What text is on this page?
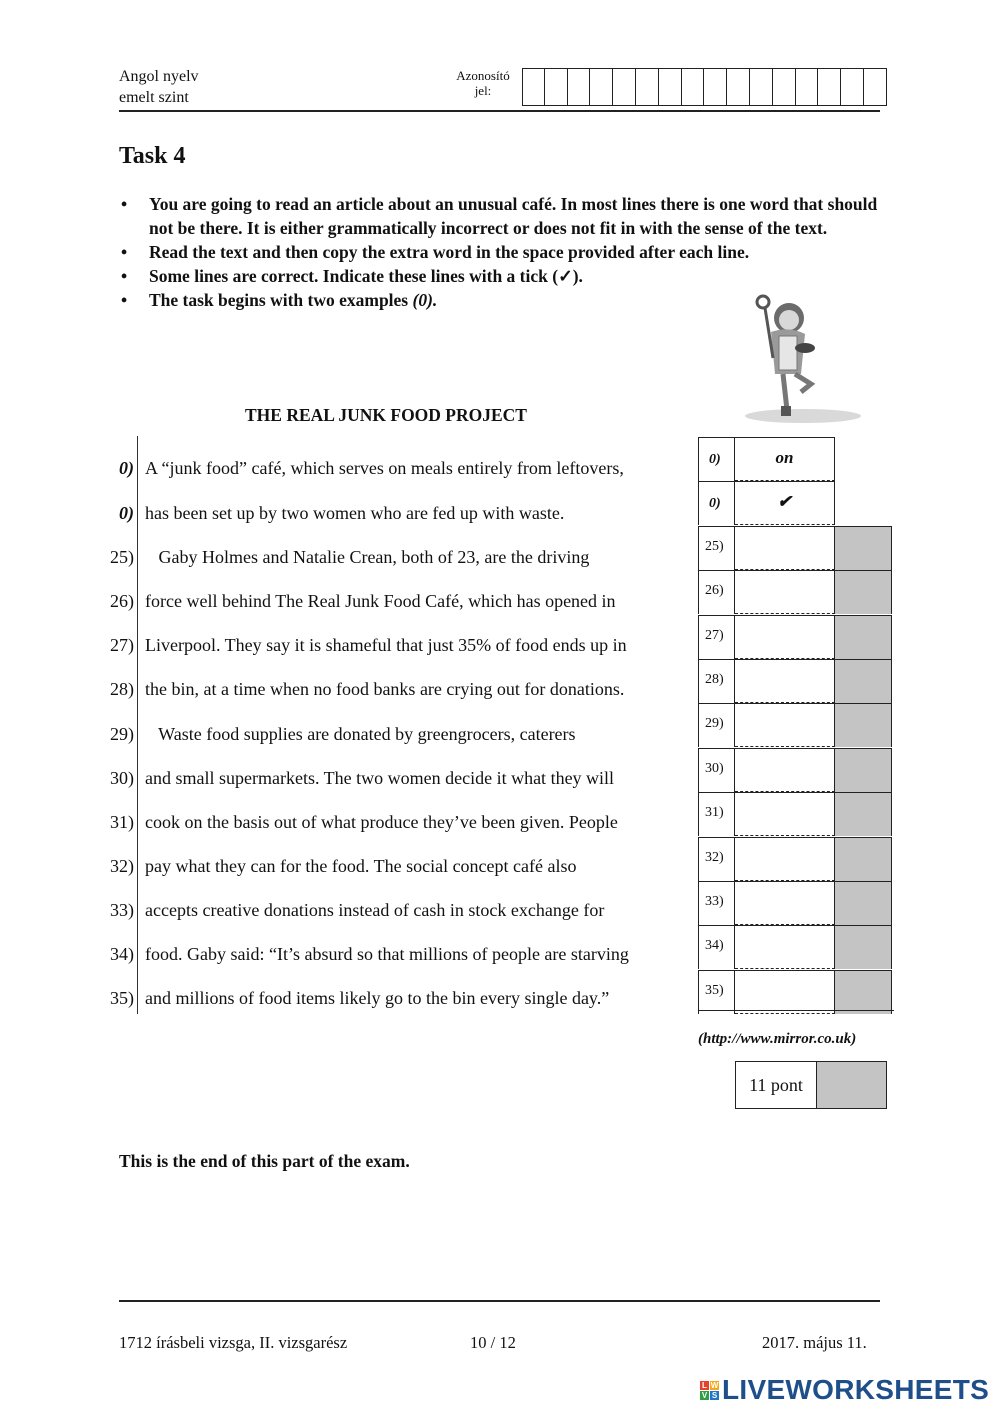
Angol nyelv
emelt szint
Azonosító
jel:
Task 4
• You are going to read an article about an unusual café. In most lines there is one word that should not be there. It is either grammatically incorrect or does not fit in with the sense of the text.
• Read the text and then copy the extra word in the space provided after each line.
• Some lines are correct. Indicate these lines with a tick (✓).
• The task begins with two examples (0).
THE REAL JUNK FOOD PROJECT
0) A “junk food” café, which serves on meals entirely from leftovers,
0) has been set up by two women who are fed up with waste.
25) Gaby Holmes and Natalie Crean, both of 23, are the driving
26) force well behind The Real Junk Food Café, which has opened in
27) Liverpool. They say it is shameful that just 35% of food ends up in
28) the bin, at a time when no food banks are crying out for donations.
29) Waste food supplies are donated by greengrocers, caterers
30) and small supermarkets. The two women decide it what they will
31) cook on the basis out of what produce they’ve been given. People
32) pay what they can for the food. The social concept café also
33) accepts creative donations instead of cash in stock exchange for
34) food. Gaby said: “It’s absurd so that millions of people are starving
35) and millions of food items likely go to the bin every single day.”
0)	on
0)	✔
25)
26)
27)
28)
29)
30)
31)
32)
33)
34)
35)
(http://www.mirror.co.uk)
11 pont
This is the end of this part of the exam.
1712 írásbeli vizsga, II. vizsgarész	10 / 12	2017. május 11.
L W
V S LIVEWORKSHEETS
